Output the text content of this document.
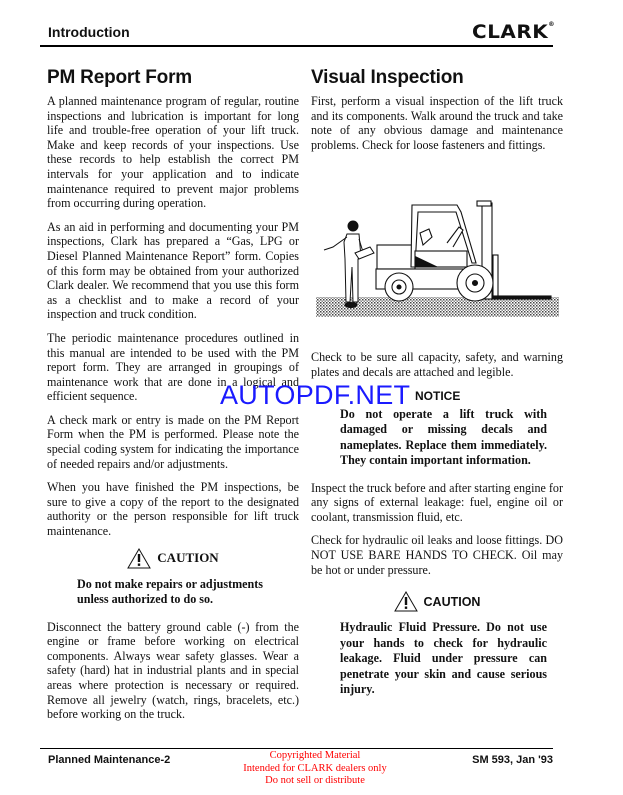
Introduction	CLARK®
PM Report Form

A planned maintenance program of regular, routine inspections and lubrication is important for long life and trouble-free operation of your lift truck. Make and keep records of your inspections. Use these records to help establish the correct PM intervals for your application and to indicate maintenance required to prevent major problems from occurring during operation.

As an aid in performing and documenting your PM inspections, Clark has prepared a “Gas, LPG or Diesel Planned Maintenance Report” form. Copies of this form may be obtained from your authorized Clark dealer. We recommend that you use this form as a checklist and to make a record of your inspection and truck condition.

The periodic maintenance procedures outlined in this manual are intended to be used with the PM report form. They are arranged in groupings of maintenance work that are done in a logical and efficient sequence.

A check mark or entry is made on the PM Report Form when the PM is performed. Please note the special coding system for indicating the importance of needed repairs and/or adjustments.

When you have finished the PM inspections, be sure to give a copy of the report to the designated authority or the person responsible for lift truck maintenance.

CAUTION
Do not make repairs or adjustments unless authorized to do so.

Disconnect the battery ground cable (-) from the engine or frame before working on electrical components. Always wear safety glasses. Wear a safety (hard) hat in industrial plants and in special areas where protection is necessary or required. Remove all jewelry (watch, rings, bracelets, etc.) before working on the truck.

Visual Inspection

First, perform a visual inspection of the lift truck and its components. Walk around the truck and take note of any obvious damage and maintenance problems. Check for loose fasteners and fittings.

Check to be sure all capacity, safety, and warning plates and decals are attached and legible.

NOTICE
Do not operate a lift truck with damaged or missing decals and nameplates. Replace them immediately. They contain important information.

Inspect the truck before and after starting engine for any signs of external leakage: fuel, engine oil or coolant, transmission fluid, etc.

Check for hydraulic oil leaks and loose fittings. DO NOT USE BARE HANDS TO CHECK. Oil may be hot or under pressure.

CAUTION
Hydraulic Fluid Pressure. Do not use your hands to check for hydraulic leakage. Fluid under pressure can penetrate your skin and cause serious injury.
AUTOPDF.NET
Planned Maintenance-2	Copyrighted Material
Intended for CLARK dealers only
Do not sell or distribute
SM 593, Jan '93
